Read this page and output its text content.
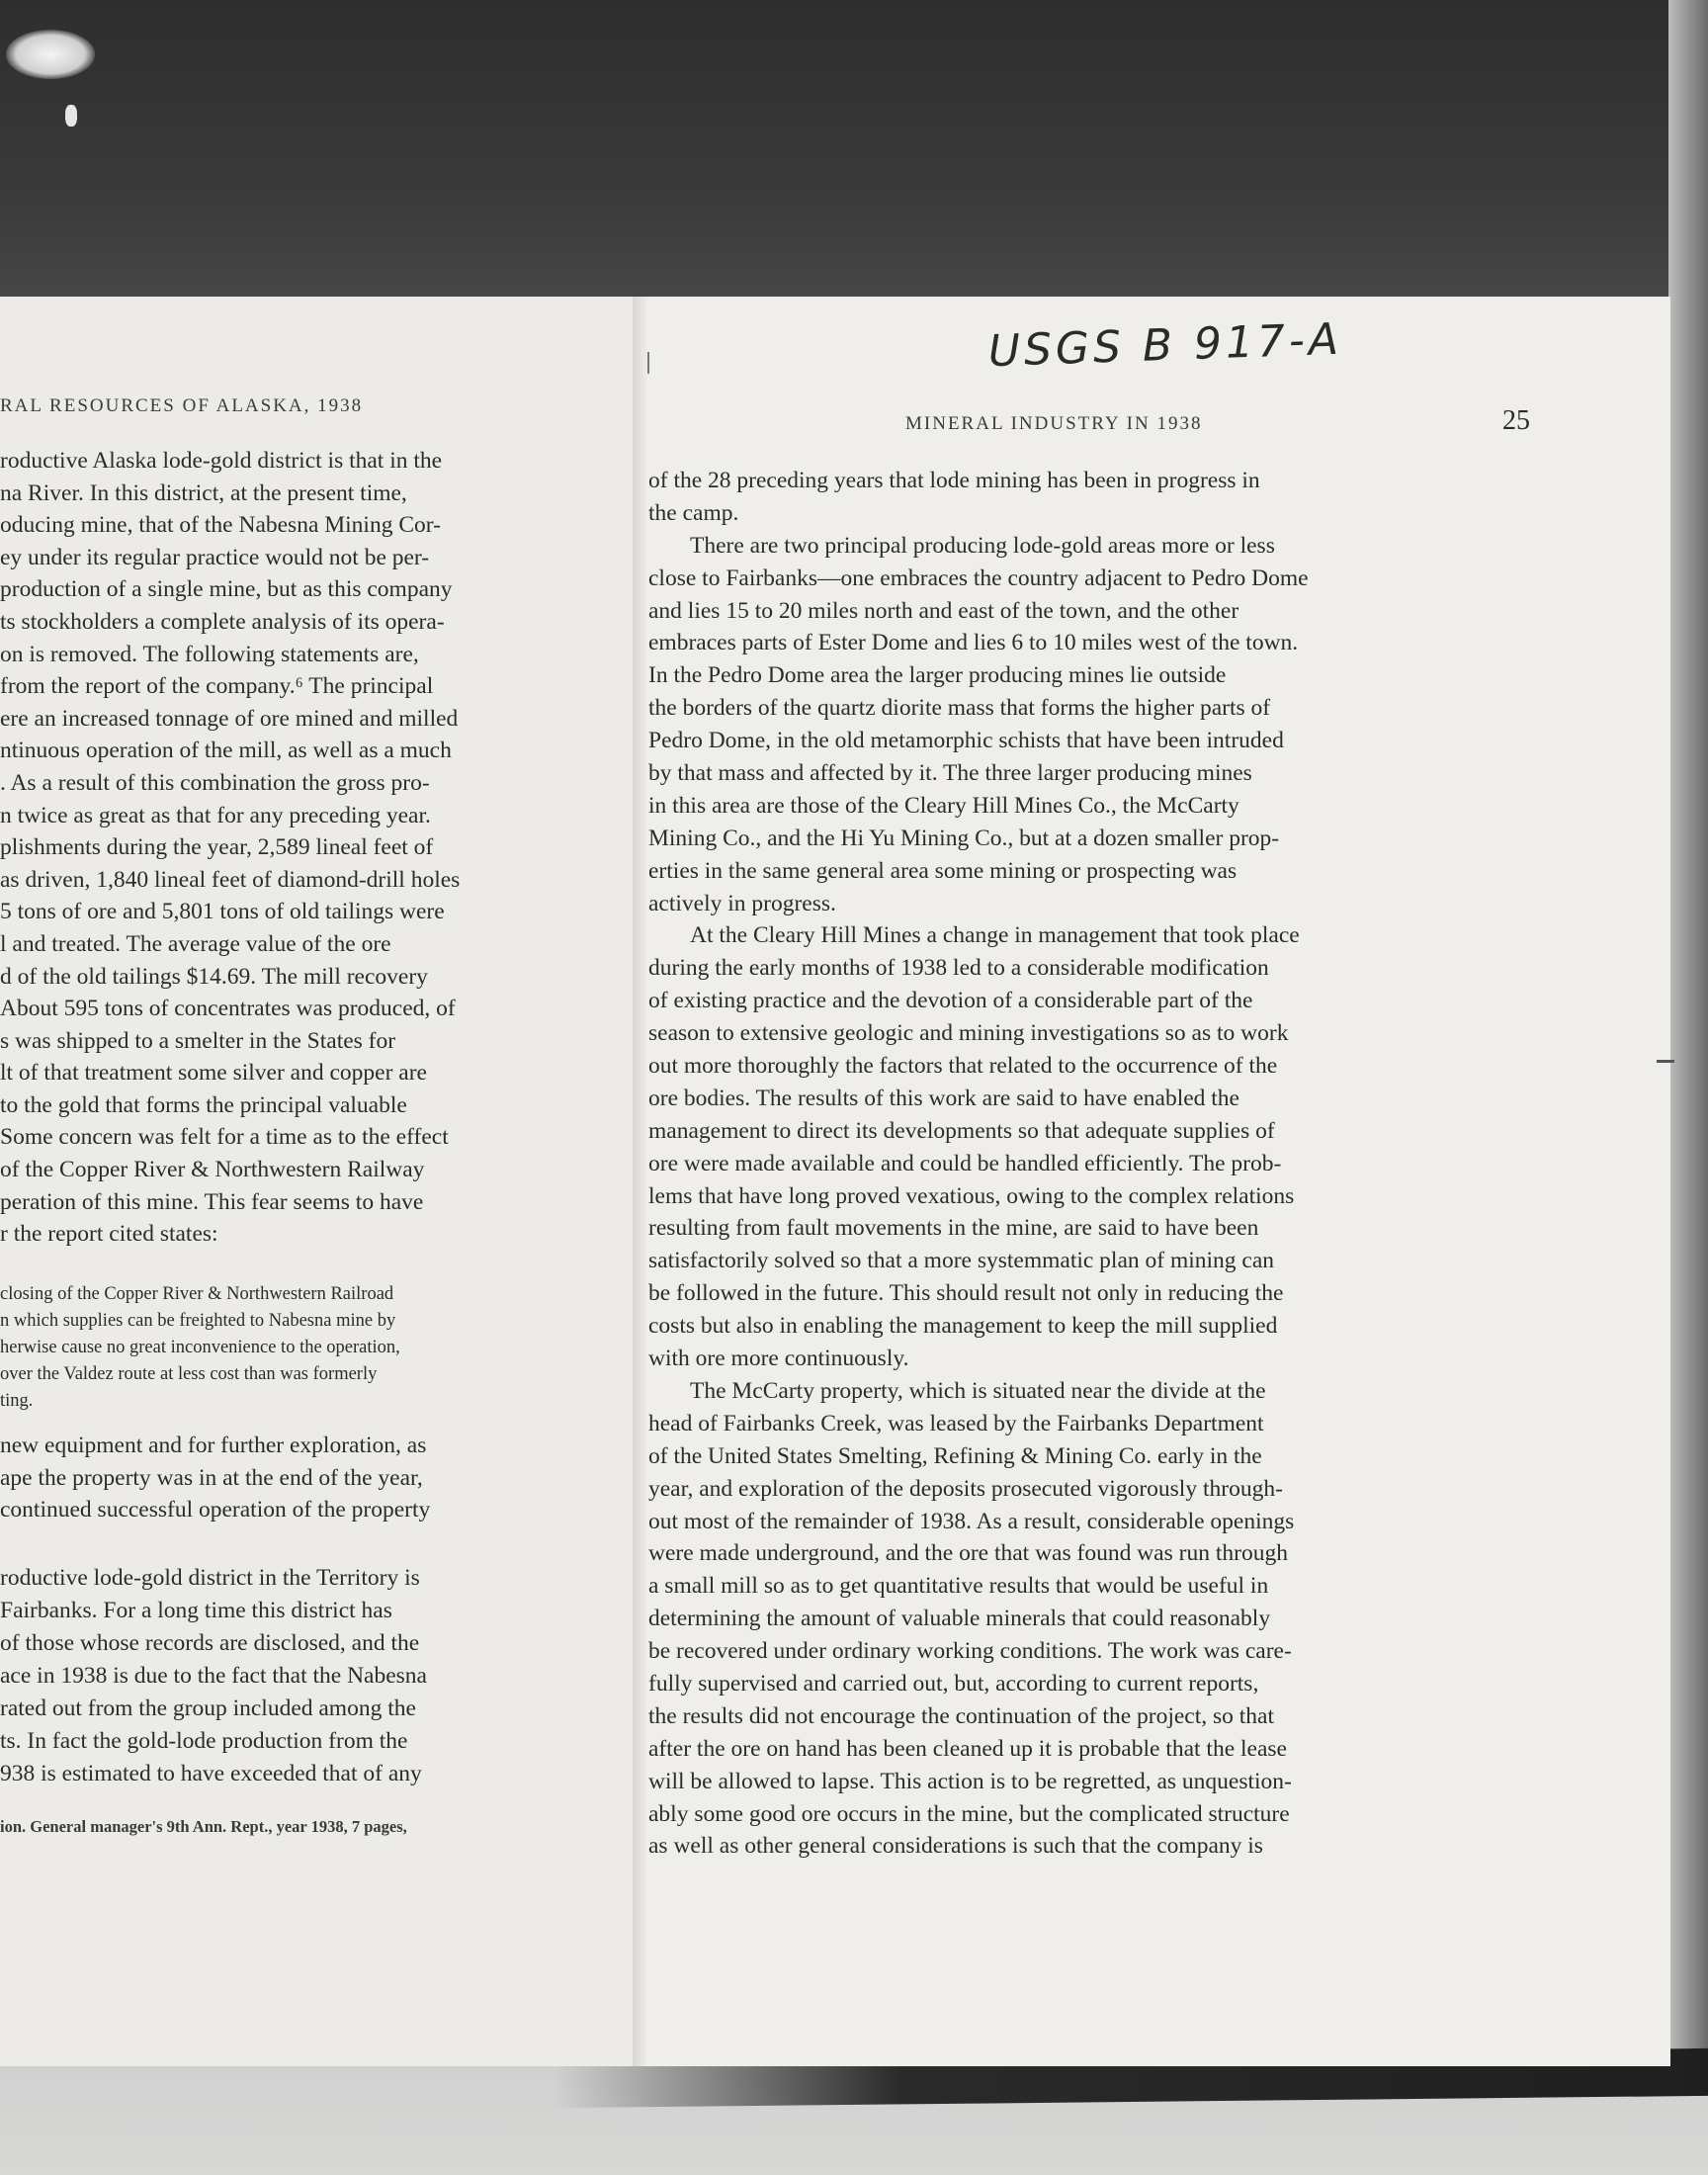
USGS B 917-A
RAL RESOURCES OF ALASKA, 1938
MINERAL INDUSTRY IN 1938	25
roductive Alaska lode-gold district is that in the
na River. In this district, at the present time,
oducing mine, that of the Nabesna Mining Cor-
ey under its regular practice would not be per-
production of a single mine, but as this company
ts stockholders a complete analysis of its opera-
on is removed. The following statements are,
from the report of the company.⁶ The principal
ere an increased tonnage of ore mined and milled
ntinuous operation of the mill, as well as a much
. As a result of this combination the gross pro-
n twice as great as that for any preceding year.
plishments during the year, 2,589 lineal feet of
as driven, 1,840 lineal feet of diamond-drill holes
5 tons of ore and 5,801 tons of old tailings were
l and treated. The average value of the ore
d of the old tailings $14.69. The mill recovery
About 595 tons of concentrates was produced, of
s was shipped to a smelter in the States for
lt of that treatment some silver and copper are
to the gold that forms the principal valuable
Some concern was felt for a time as to the effect
of the Copper River & Northwestern Railway
peration of this mine. This fear seems to have
r the report cited states:
closing of the Copper River & Northwestern Railroad
n which supplies can be freighted to Nabesna mine by
herwise cause no great inconvenience to the operation,
over the Valdez route at less cost than was formerly
ting.
new equipment and for further exploration, as
ape the property was in at the end of the year,
continued successful operation of the property
roductive lode-gold district in the Territory is
Fairbanks. For a long time this district has
of those whose records are disclosed, and the
ace in 1938 is due to the fact that the Nabesna
rated out from the group included among the
ts. In fact the gold-lode production from the
938 is estimated to have exceeded that of any
ion. General manager's 9th Ann. Rept., year 1938, 7 pages,
of the 28 preceding years that lode mining has been in progress in
the camp.
There are two principal producing lode-gold areas more or less
close to Fairbanks—one embraces the country adjacent to Pedro Dome
and lies 15 to 20 miles north and east of the town, and the other
embraces parts of Ester Dome and lies 6 to 10 miles west of the town.
In the Pedro Dome area the larger producing mines lie outside
the borders of the quartz diorite mass that forms the higher parts of
Pedro Dome, in the old metamorphic schists that have been intruded
by that mass and affected by it. The three larger producing mines
in this area are those of the Cleary Hill Mines Co., the McCarty
Mining Co., and the Hi Yu Mining Co., but at a dozen smaller prop-
erties in the same general area some mining or prospecting was
actively in progress.
At the Cleary Hill Mines a change in management that took place
during the early months of 1938 led to a considerable modification
of existing practice and the devotion of a considerable part of the
season to extensive geologic and mining investigations so as to work
out more thoroughly the factors that related to the occurrence of the
ore bodies. The results of this work are said to have enabled the
management to direct its developments so that adequate supplies of
ore were made available and could be handled efficiently. The prob-
lems that have long proved vexatious, owing to the complex relations
resulting from fault movements in the mine, are said to have been
satisfactorily solved so that a more systemmatic plan of mining can
be followed in the future. This should result not only in reducing the
costs but also in enabling the management to keep the mill supplied
with ore more continuously.
The McCarty property, which is situated near the divide at the
head of Fairbanks Creek, was leased by the Fairbanks Department
of the United States Smelting, Refining & Mining Co. early in the
year, and exploration of the deposits prosecuted vigorously through-
out most of the remainder of 1938. As a result, considerable openings
were made underground, and the ore that was found was run through
a small mill so as to get quantitative results that would be useful in
determining the amount of valuable minerals that could reasonably
be recovered under ordinary working conditions. The work was care-
fully supervised and carried out, but, according to current reports,
the results did not encourage the continuation of the project, so that
after the ore on hand has been cleaned up it is probable that the lease
will be allowed to lapse. This action is to be regretted, as unquestion-
ably some good ore occurs in the mine, but the complicated structure
as well as other general considerations is such that the company is
